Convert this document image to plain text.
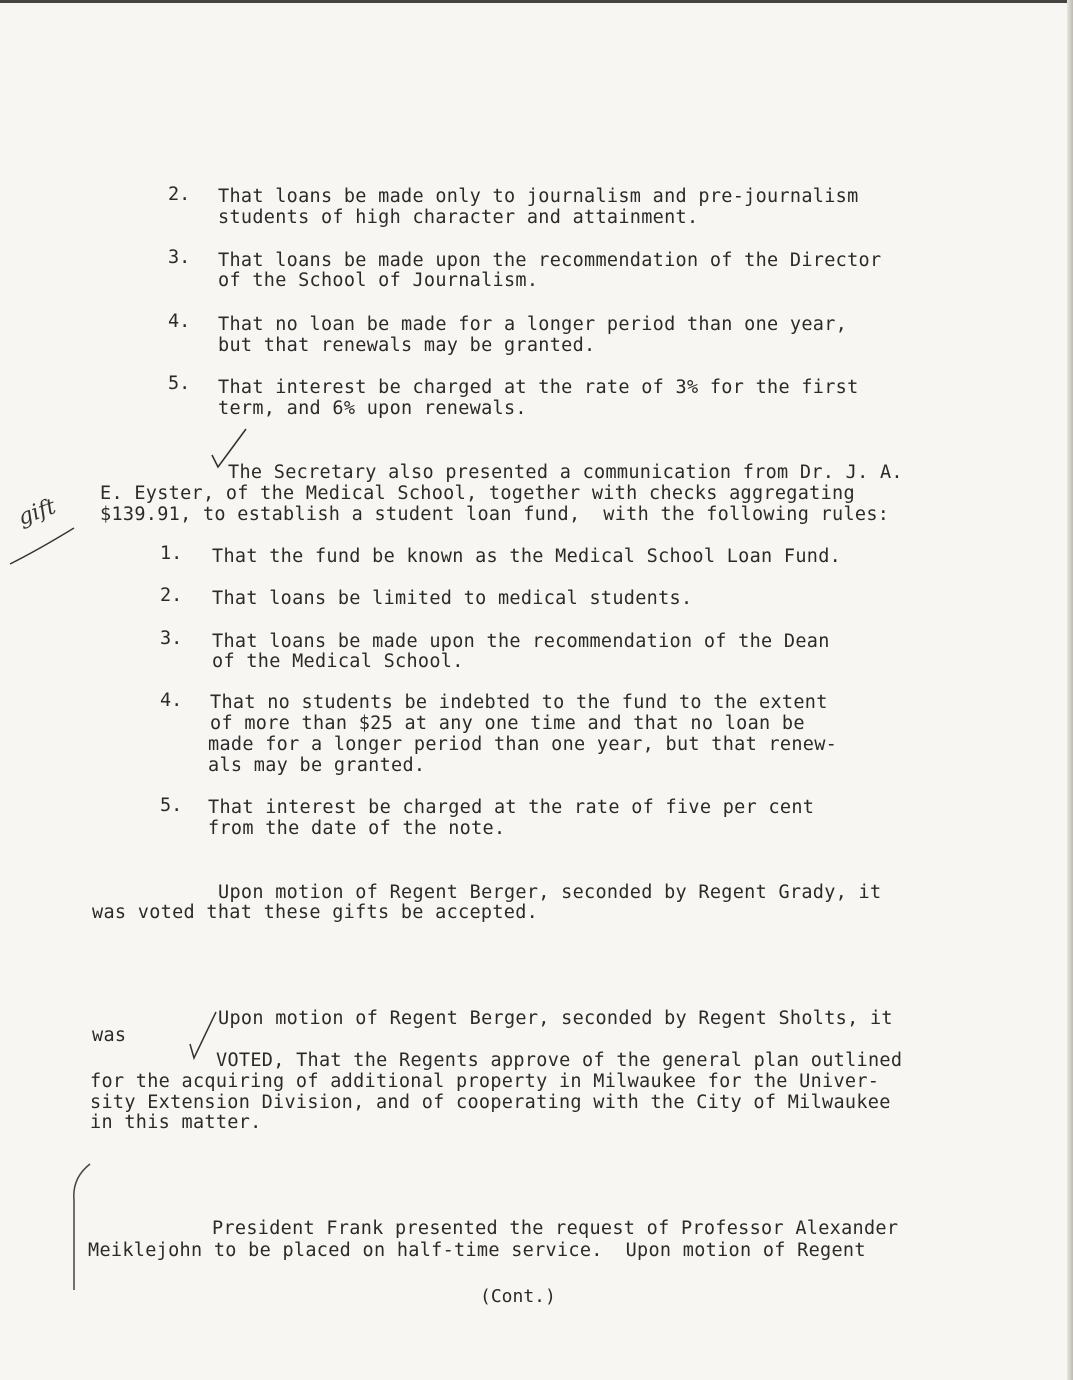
2. That loans be made only to journalism and pre-journalism
students of high character and attainment.
3. That loans be made upon the recommendation of the Director
of the School of Journalism.
4. That no loan be made for a longer period than one year,
but that renewals may be granted.
5. That interest be charged at the rate of 3% for the first
term, and 6% upon renewals.
The Secretary also presented a communication from Dr. J. A.
E. Eyster, of the Medical School, together with checks aggregating
$139.91, to establish a student loan fund,  with the following rules:
gift
1. That the fund be known as the Medical School Loan Fund.
2. That loans be limited to medical students.
3. That loans be made upon the recommendation of the Dean
of the Medical School.
4. That no students be indebted to the fund to the extent
of more than $25 at any one time and that no loan be
made for a longer period than one year, but that renew-
als may be granted.
5. That interest be charged at the rate of five per cent
from the date of the note.
Upon motion of Regent Berger, seconded by Regent Grady, it
was voted that these gifts be accepted.
Upon motion of Regent Berger, seconded by Regent Sholts, it
was
VOTED, That the Regents approve of the general plan outlined
for the acquiring of additional property in Milwaukee for the Univer-
sity Extension Division, and of cooperating with the City of Milwaukee
in this matter.
President Frank presented the request of Professor Alexander
Meiklejohn to be placed on half-time service.  Upon motion of Regent
(Cont.)
